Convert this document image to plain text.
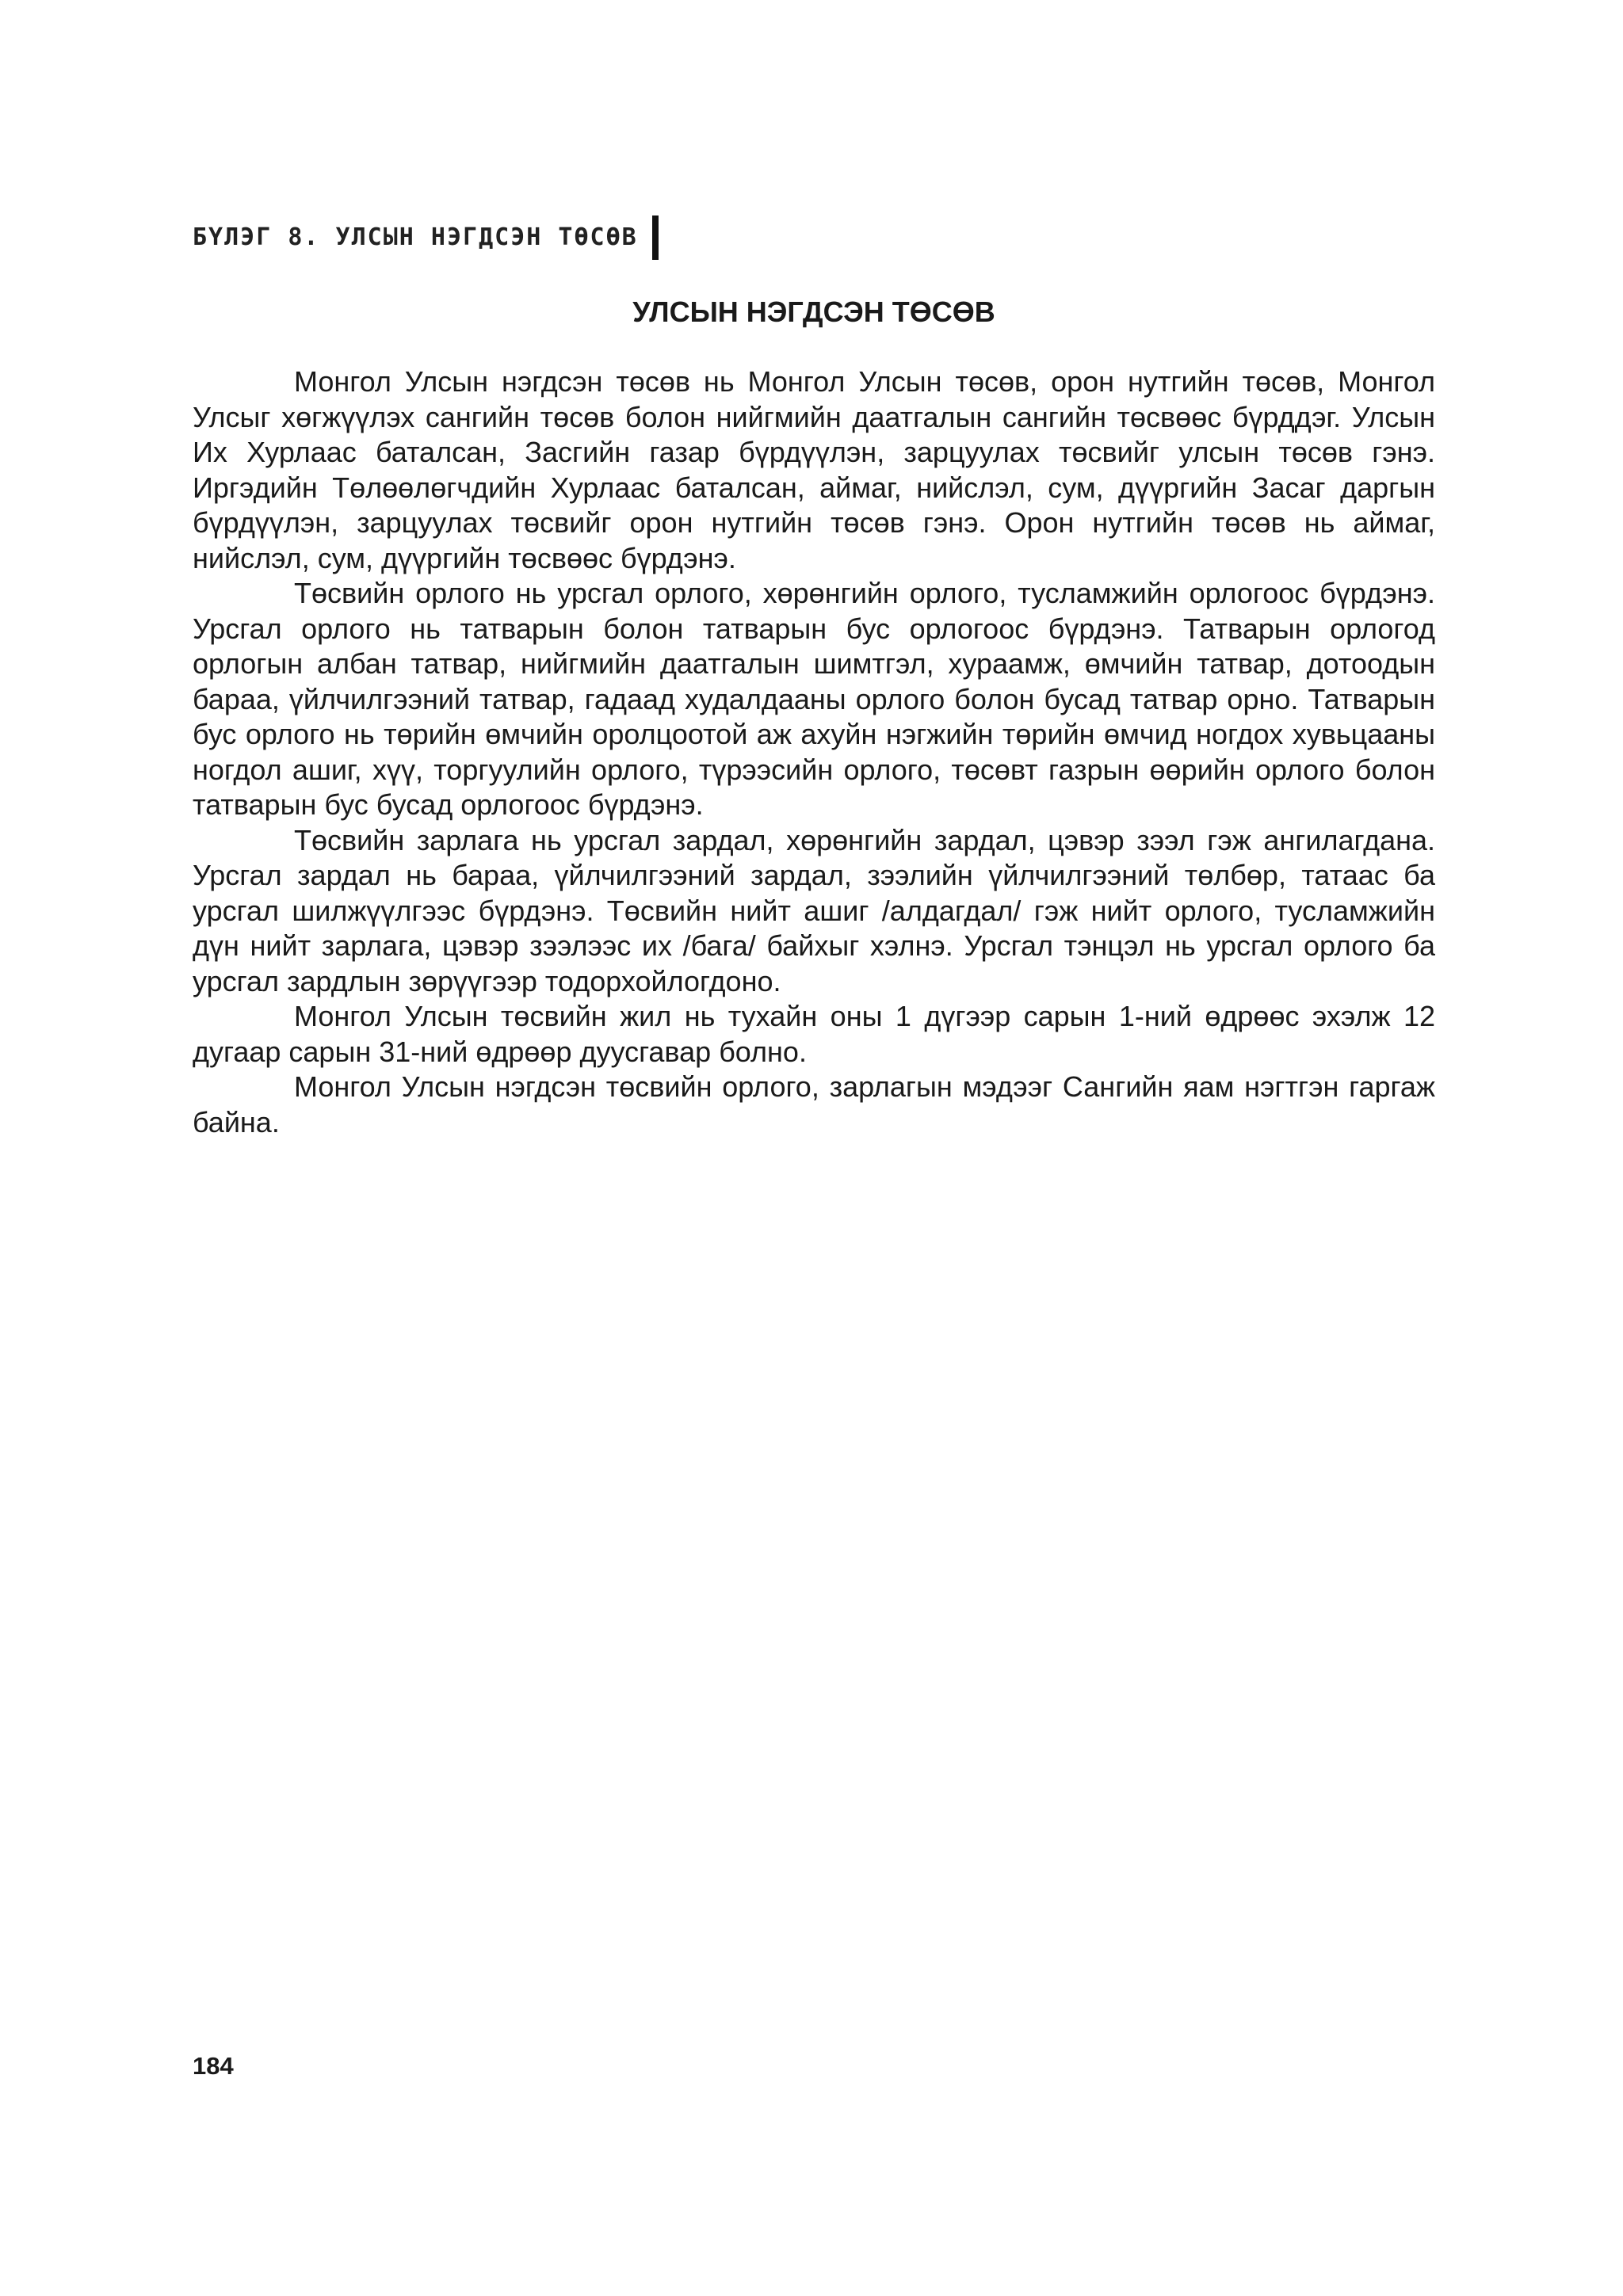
БҮЛЭГ 8. УЛСЫН НЭГДСЭН ТӨСӨВ
УЛСЫН НЭГДСЭН ТӨСӨВ

Монгол Улсын нэгдсэн төсөв нь Монгол Улсын төсөв, орон нутгийн төсөв, Монгол Улсыг хөгжүүлэх сангийн төсөв болон нийгмийн даатгалын сангийн төсвөөс бүрддэг. Улсын Их Хурлаас баталсан, Засгийн газар бүрдүүлэн, зарцуулах төсвийг улсын төсөв гэнэ. Иргэдийн Төлөөлөгчдийн Хурлаас баталсан, аймаг, нийслэл, сум, дүүргийн Засаг даргын бүрдүүлэн, зарцуулах төсвийг орон нутгийн төсөв гэнэ. Орон нутгийн төсөв нь аймаг, нийслэл, сум, дүүргийн төсвөөс бүрдэнэ.

Төсвийн орлого нь урсгал орлого, хөрөнгийн орлого, тусламжийн орлогоос бүрдэнэ. Урсгал орлого нь татварын болон татварын бус орлогоос бүрдэнэ. Татварын орлогод орлогын албан татвар, нийгмийн даатгалын шимтгэл, хураамж, өмчийн татвар, дотоодын бараа, үйлчилгээний татвар, гадаад худалдааны орлого болон бусад татвар орно. Татварын бус орлого нь төрийн өмчийн оролцоотой аж ахуйн нэгжийн төрийн өмчид ногдох хувьцааны ногдол ашиг, хүү, торгуулийн орлого, түрээсийн орлого, төсөвт газрын өөрийн орлого болон татварын бус бусад орлогоос бүрдэнэ.

Төсвийн зарлага нь урсгал зардал, хөрөнгийн зардал, цэвэр зээл гэж ангилагдана. Урсгал зардал нь бараа, үйлчилгээний зардал, зээлийн үйлчилгээний төлбөр, татаас ба урсгал шилжүүлгээс бүрдэнэ. Төсвийн нийт ашиг /алдагдал/ гэж нийт орлого, тусламжийн дүн нийт зарлага, цэвэр зээлээс их /бага/ байхыг хэлнэ. Урсгал тэнцэл нь урсгал орлого ба урсгал зардлын зөрүүгээр тодорхойлогдоно.

Монгол Улсын төсвийн жил нь тухайн оны 1 дүгээр сарын 1-ний өдрөөс эхэлж 12 дугаар сарын 31-ний өдрөөр дуусгавар болно.

Монгол Улсын нэгдсэн төсвийн орлого, зарлагын мэдээг Сангийн яам нэгтгэн гаргаж байна.

184
